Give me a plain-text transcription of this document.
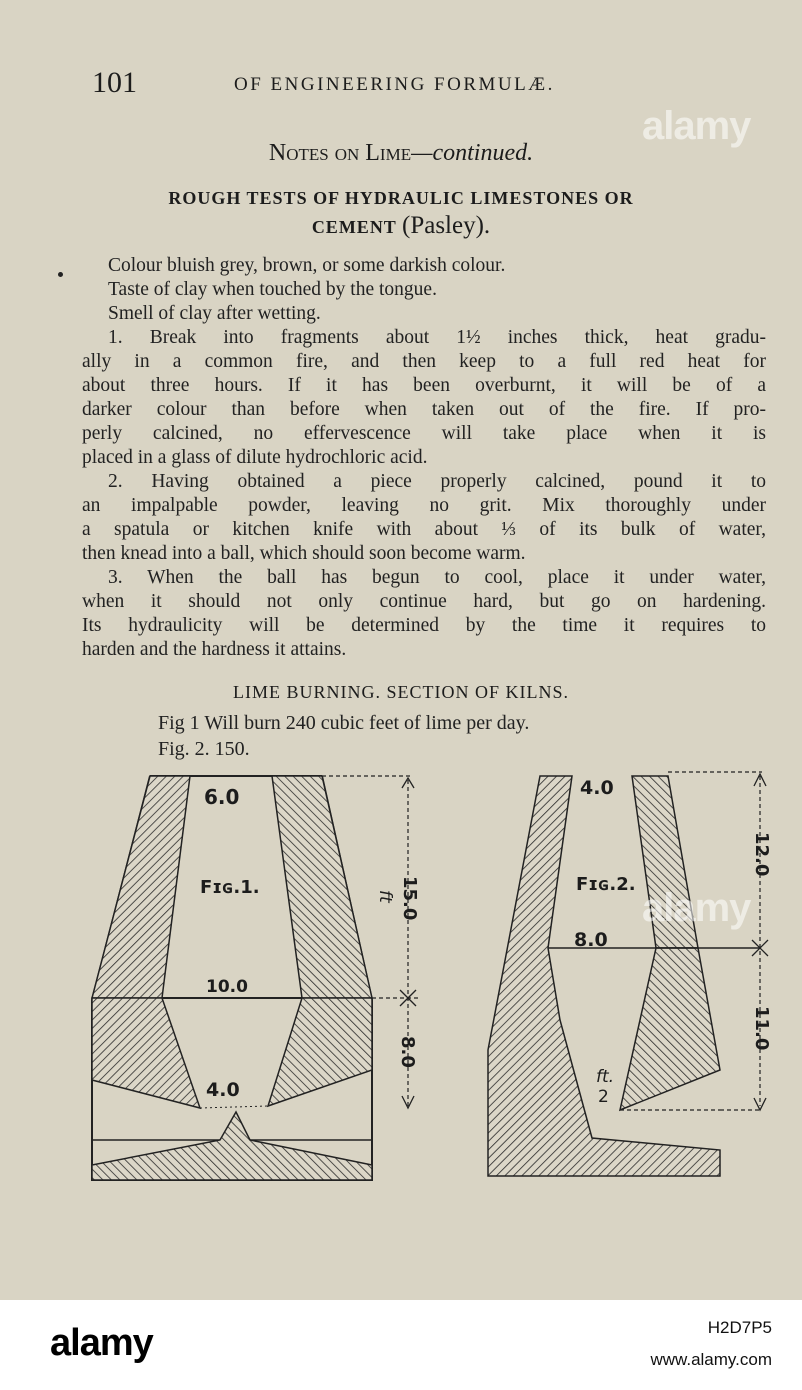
101	OF ENGINEERING FORMULÆ.
Notes on Lime—continued.
ROUGH TESTS OF HYDRAULIC LIMESTONES OR
CEMENT (Pasley).
Colour bluish grey, brown, or some darkish colour.
Taste of clay when touched by the tongue.
Smell of clay after wetting.
1. Break into fragments about 1½ inches thick, heat gradu-
ally in a common fire, and then keep to a full red heat for
about three hours. If it has been overburnt, it will be of a
darker colour than before when taken out of the fire. If pro-
perly calcined, no effervescence will take place when it is
placed in a glass of dilute hydrochloric acid.
2. Having obtained a piece properly calcined, pound it to
an impalpable powder, leaving no grit. Mix thoroughly under
a spatula or kitchen knife with about ⅓ of its bulk of water,
then knead into a ball, which should soon become warm.
3. When the ball has begun to cool, place it under water,
when it should not only continue hard, but go on hardening.
Its hydraulicity will be determined by the time it requires to
harden and the hardness it attains.
LIME BURNING. SECTION OF KILNS.
Fig 1 Will burn 240 cubic feet of lime per day.
Fig. 2. 150.
6.0
Fɪɢ.1.
10.0
4.0
15.0
ft
8.0
4.0
Fɪɢ.2.
8.0
12.0
11.0
ft.
2
alamy
alamy
alamy	H2D7P5
www.alamy.com
